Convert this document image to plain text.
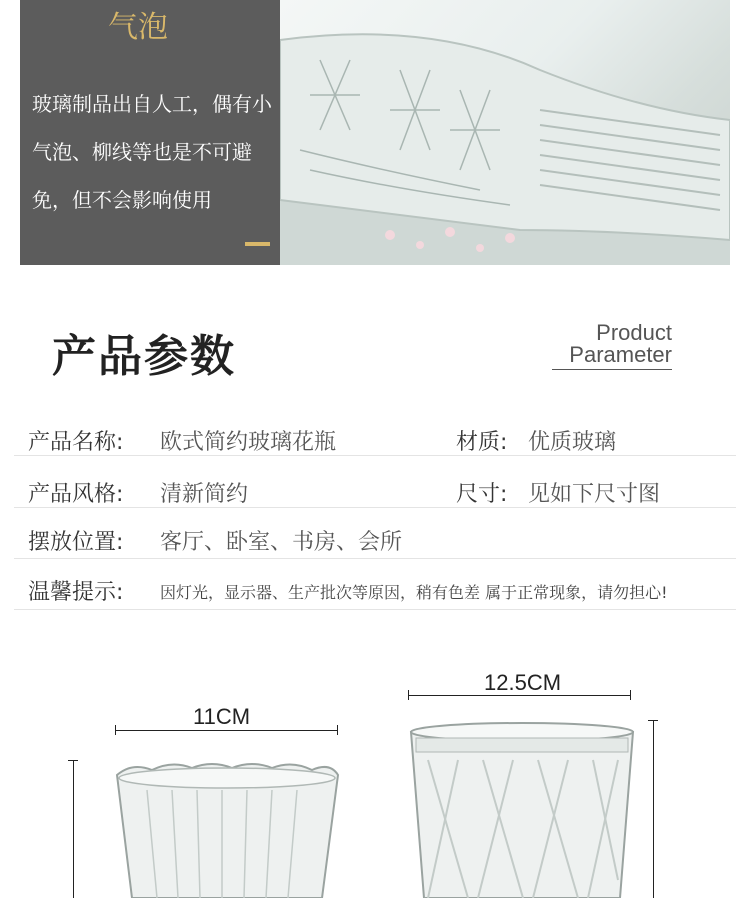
气泡
玻璃制品出自人工，偶有小气泡、柳线等也是不可避免，但不会影响使用
产品参数	Product
Parameter
产品名称: 欧式简约玻璃花瓶	材质: 优质玻璃
产品风格: 清新简约	尺寸: 见如下尺寸图
摆放位置: 客厅、卧室、书房、会所
温馨提示: 因灯光，显示器、生产批次等原因，稍有色差 属于正常现象，请勿担心!
11CM
12.5CM
